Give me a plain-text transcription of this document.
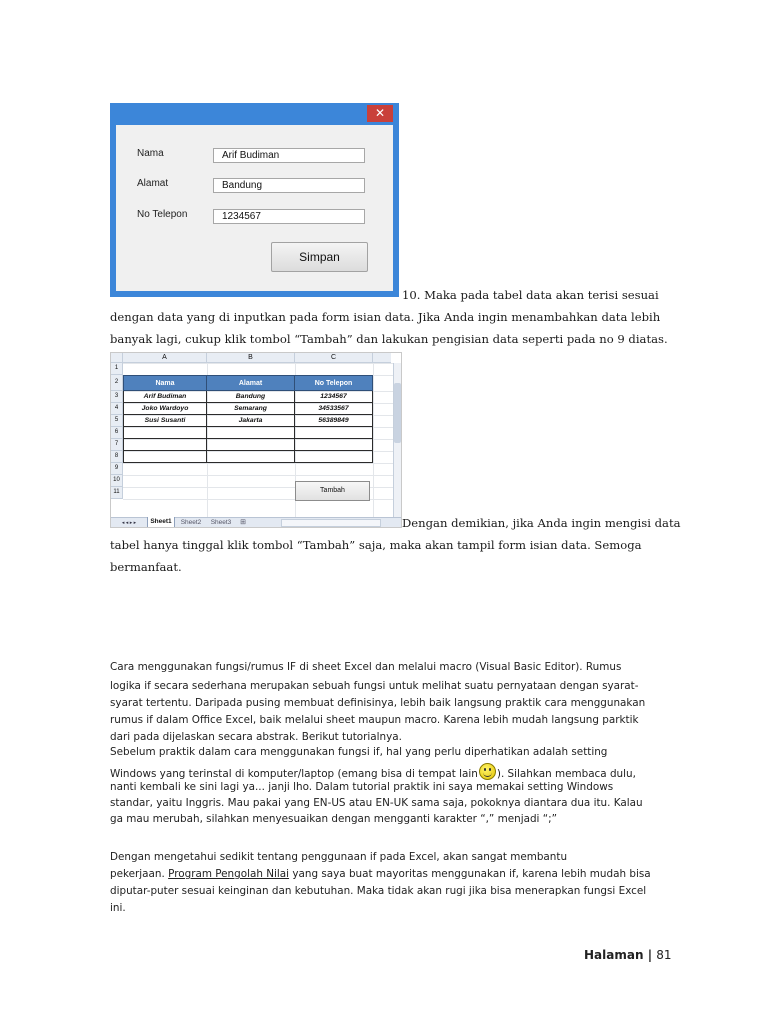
✕
Nama	Arif Budiman
Alamat	Bandung
No Telepon	1234567
Simpan
10. Maka pada tabel data akan terisi sesuai
dengan data yang di inputkan pada form isian data. Jika Anda ingin menambahkan data lebih
banyak lagi, cukup klik tombol “Tambah” dan lakukan pengisian data seperti pada no 9 diatas.
A	B	C
1
2
3
4
5
6
7
8
9
10
11
Nama	Alamat	No Telepon
Arif Budiman	Bandung	1234567
Joko Wardoyo	Semarang	34533567
Susi Susanti	Jakarta	56389849
Tambah
◂ ◂ ▸ ▸	Sheet1	Sheet2	Sheet3	⊞	Dengan demikian, jika Anda ingin mengisi data
tabel hanya tinggal klik tombol “Tambah” saja, maka akan tampil form isian data. Semoga
bermanfaat.
Cara menggunakan fungsi/rumus IF di sheet Excel dan melalui macro (Visual Basic Editor). Rumus
logika if secara sederhana merupakan sebuah fungsi untuk melihat suatu pernyataan dengan syarat-
syarat tertentu. Daripada pusing membuat definisinya, lebih baik langsung praktik cara menggunakan
rumus if dalam Office Excel, baik melalui sheet maupun macro. Karena lebih mudah langsung parktik
dari pada dijelaskan secara abstrak. Berikut tutorialnya.
Sebelum praktik dalam cara menggunakan fungsi if, hal yang perlu diperhatikan adalah setting
Windows yang terinstal di komputer/laptop (emang bisa di tempat lain ). Silahkan membaca dulu,
nanti kembali ke sini lagi ya... janji lho. Dalam tutorial praktik ini saya memakai setting Windows
standar, yaitu Inggris. Mau pakai yang EN-US atau EN-UK sama saja, pokoknya diantara dua itu. Kalau
ga mau merubah, silahkan menyesuaikan dengan mengganti karakter “,” menjadi “;”
Dengan mengetahui sedikit tentang penggunaan if pada Excel, akan sangat membantu
pekerjaan. Program Pengolah Nilai yang saya buat mayoritas menggunakan if, karena lebih mudah bisa
diputar-puter sesuai keinginan dan kebutuhan. Maka tidak akan rugi jika bisa menerapkan fungsi Excel
ini.
Halaman | 81
